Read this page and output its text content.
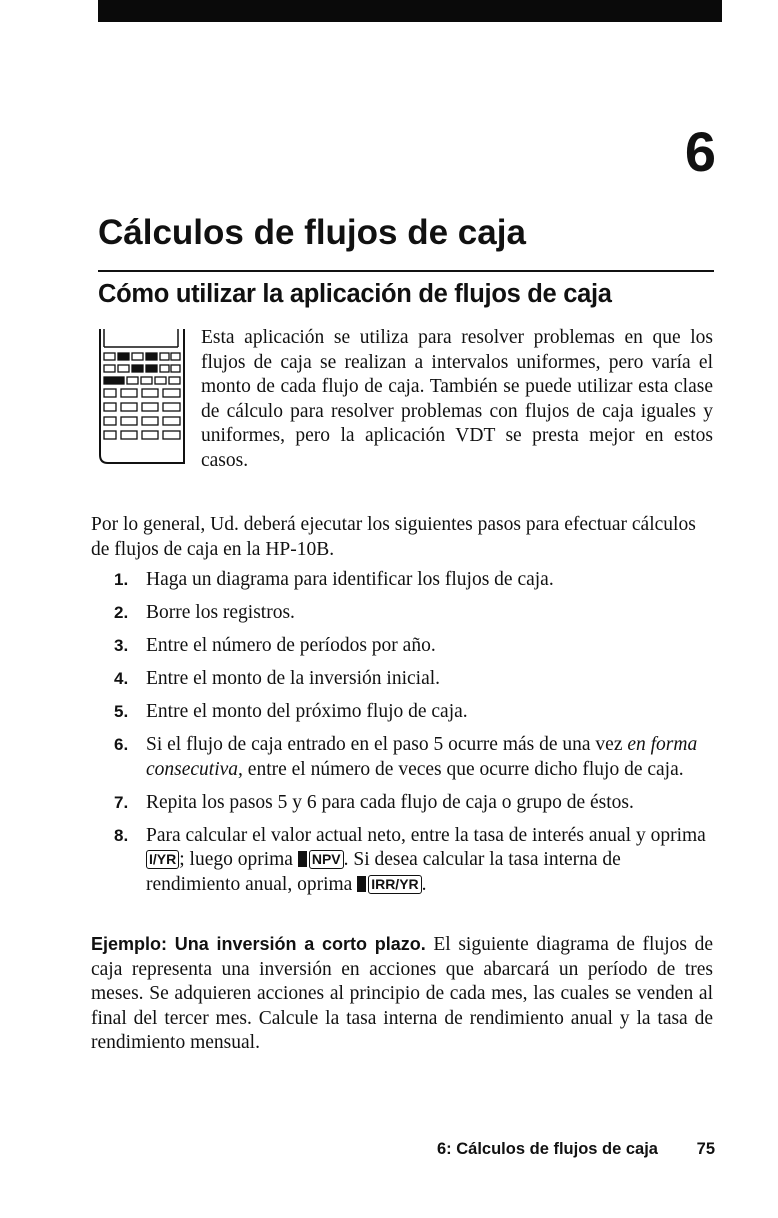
6
Cálculos de flujos de caja
Cómo utilizar la aplicación de flujos de caja

Esta aplicación se utiliza para resolver problemas en que los flujos de caja se realizan a intervalos uniformes, pero varía el monto de cada flujo de caja. También se puede utilizar esta clase de cálculo para resolver problemas con flujos de caja iguales y uniformes, pero la aplicación VDT se presta mejor en estos casos.

Por lo general, Ud. deberá ejecutar los siguientes pasos para efectuar cálculos de flujos de caja en la HP-10B.

1. Haga un diagrama para identificar los flujos de caja.
2. Borre los registros.
3. Entre el número de períodos por año.
4. Entre el monto de la inversión inicial.
5. Entre el monto del próximo flujo de caja.
6. Si el flujo de caja entrado en el paso 5 ocurre más de una vez en forma consecutiva, entre el número de veces que ocurre dicho flujo de caja.
7. Repita los pasos 5 y 6 para cada flujo de caja o grupo de éstos.
8. Para calcular el valor actual neto, entre la tasa de interés anual y oprima I/YR ; luego oprima NPV . Si desea calcular la tasa interna de rendimiento anual, oprima IRR/YR .

Ejemplo: Una inversión a corto plazo. El siguiente diagrama de flujos de caja representa una inversión en acciones que abarcará un período de tres meses. Se adquieren acciones al principio de cada mes, las cuales se venden al final del tercer mes. Calcule la tasa interna de rendimiento anual y la tasa de rendimiento mensual.

6: Cálculos de flujos de caja 75
